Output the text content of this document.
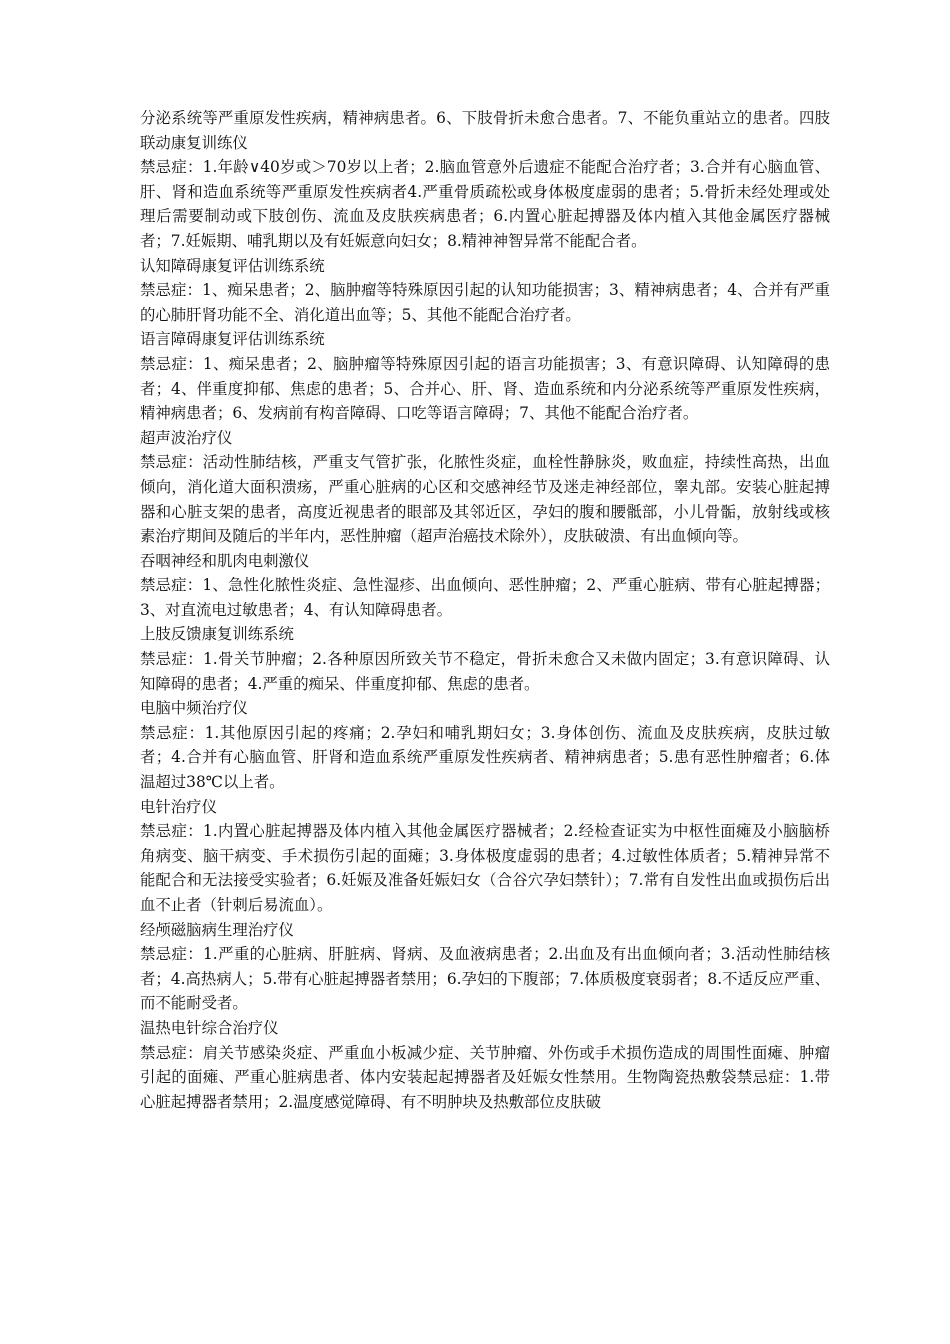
分泌系统等严重原发性疾病，精神病患者。6、下肢骨折未愈合患者。7、不能负重站立的患者。四肢联动康复训练仪

禁忌症：1.年龄∨40岁或＞70岁以上者；2.脑血管意外后遗症不能配合治疗者；3.合并有心脑血管、肝、肾和造血系统等严重原发性疾病者4.严重骨质疏松或身体极度虚弱的患者；5.骨折未经处理或处理后需要制动或下肢创伤、流血及皮肤疾病患者；6.内置心脏起搏器及体内植入其他金属医疗器械者；7.妊娠期、哺乳期以及有妊娠意向妇女；8.精神神智异常不能配合者。

认知障碍康复评估训练系统

禁忌症：1、痴呆患者；2、脑肿瘤等特殊原因引起的认知功能损害；3、精神病患者；4、合并有严重的心肺肝肾功能不全、消化道出血等；5、其他不能配合治疗者。

语言障碍康复评估训练系统

禁忌症：1、痴呆患者；2、脑肿瘤等特殊原因引起的语言功能损害；3、有意识障碍、认知障碍的患者；4、伴重度抑郁、焦虑的患者；5、合并心、肝、肾、造血系统和内分泌系统等严重原发性疾病，精神病患者；6、发病前有构音障碍、口吃等语言障碍；7、其他不能配合治疗者。

超声波治疗仪

禁忌症：活动性肺结核，严重支气管扩张，化脓性炎症，血栓性静脉炎，败血症，持续性高热，出血倾向，消化道大面积溃疡，严重心脏病的心区和交感神经节及迷走神经部位，睾丸部。安装心脏起搏器和心脏支架的患者，高度近视患者的眼部及其邻近区，孕妇的腹和腰骶部，小儿骨骺，放射线或核素治疗期间及随后的半年内，恶性肿瘤（超声治癌技术除外），皮肤破溃、有出血倾向等。

吞咽神经和肌肉电刺激仪

禁忌症：1、急性化脓性炎症、急性湿疹、出血倾向、恶性肿瘤；2、严重心脏病、带有心脏起搏器；3、对直流电过敏患者；4、有认知障碍患者。

上肢反馈康复训练系统

禁忌症：1.骨关节肿瘤；2.各种原因所致关节不稳定，骨折未愈合又未做内固定；3.有意识障碍、认知障碍的患者；4.严重的痴呆、伴重度抑郁、焦虑的患者。

电脑中频治疗仪

禁忌症：1.其他原因引起的疼痛；2.孕妇和哺乳期妇女；3.身体创伤、流血及皮肤疾病，皮肤过敏者；4.合并有心脑血管、肝肾和造血系统严重原发性疾病者、精神病患者；5.患有恶性肿瘤者；6.体温超过38℃以上者。

电针治疗仪

禁忌症：1.内置心脏起搏器及体内植入其他金属医疗器械者；2.经检查证实为中枢性面瘫及小脑脑桥角病变、脑干病变、手术损伤引起的面瘫；3.身体极度虚弱的患者；4.过敏性体质者；5.精神异常不能配合和无法接受实验者；6.妊娠及准备妊娠妇女（合谷穴孕妇禁针）；7.常有自发性出血或损伤后出血不止者（针刺后易流血）。

经颅磁脑病生理治疗仪

禁忌症：1.严重的心脏病、肝脏病、肾病、及血液病患者；2.出血及有出血倾向者；3.活动性肺结核者；4.高热病人；5.带有心脏起搏器者禁用；6.孕妇的下腹部；7.体质极度衰弱者；8.不适反应严重、而不能耐受者。

温热电针综合治疗仪

禁忌症：肩关节感染炎症、严重血小板减少症、关节肿瘤、外伤或手术损伤造成的周围性面瘫、肿瘤引起的面瘫、严重心脏病患者、体内安装起起搏器者及妊娠女性禁用。生物陶瓷热敷袋禁忌症：1.带心脏起搏器者禁用；2.温度感觉障碍、有不明肿块及热敷部位皮肤破
